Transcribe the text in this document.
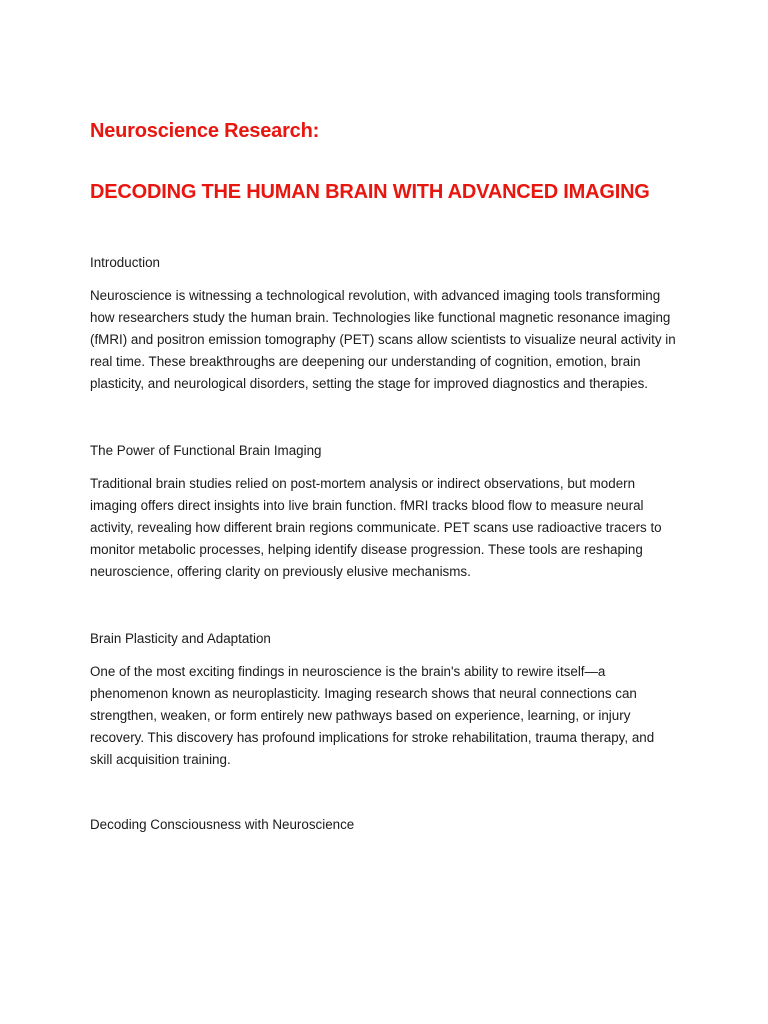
Neuroscience Research:
DECODING THE HUMAN BRAIN WITH ADVANCED IMAGING
Introduction

Neuroscience is witnessing a technological revolution, with advanced imaging tools transforming how researchers study the human brain. Technologies like functional magnetic resonance imaging (fMRI) and positron emission tomography (PET) scans allow scientists to visualize neural activity in real time. These breakthroughs are deepening our understanding of cognition, emotion, brain plasticity, and neurological disorders, setting the stage for improved diagnostics and therapies.

The Power of Functional Brain Imaging

Traditional brain studies relied on post-mortem analysis or indirect observations, but modern imaging offers direct insights into live brain function. fMRI tracks blood flow to measure neural activity, revealing how different brain regions communicate. PET scans use radioactive tracers to monitor metabolic processes, helping identify disease progression. These tools are reshaping neuroscience, offering clarity on previously elusive mechanisms.

Brain Plasticity and Adaptation

One of the most exciting findings in neuroscience is the brain's ability to rewire itself—a phenomenon known as neuroplasticity. Imaging research shows that neural connections can strengthen, weaken, or form entirely new pathways based on experience, learning, or injury recovery. This discovery has profound implications for stroke rehabilitation, trauma therapy, and skill acquisition training.

Decoding Consciousness with Neuroscience
